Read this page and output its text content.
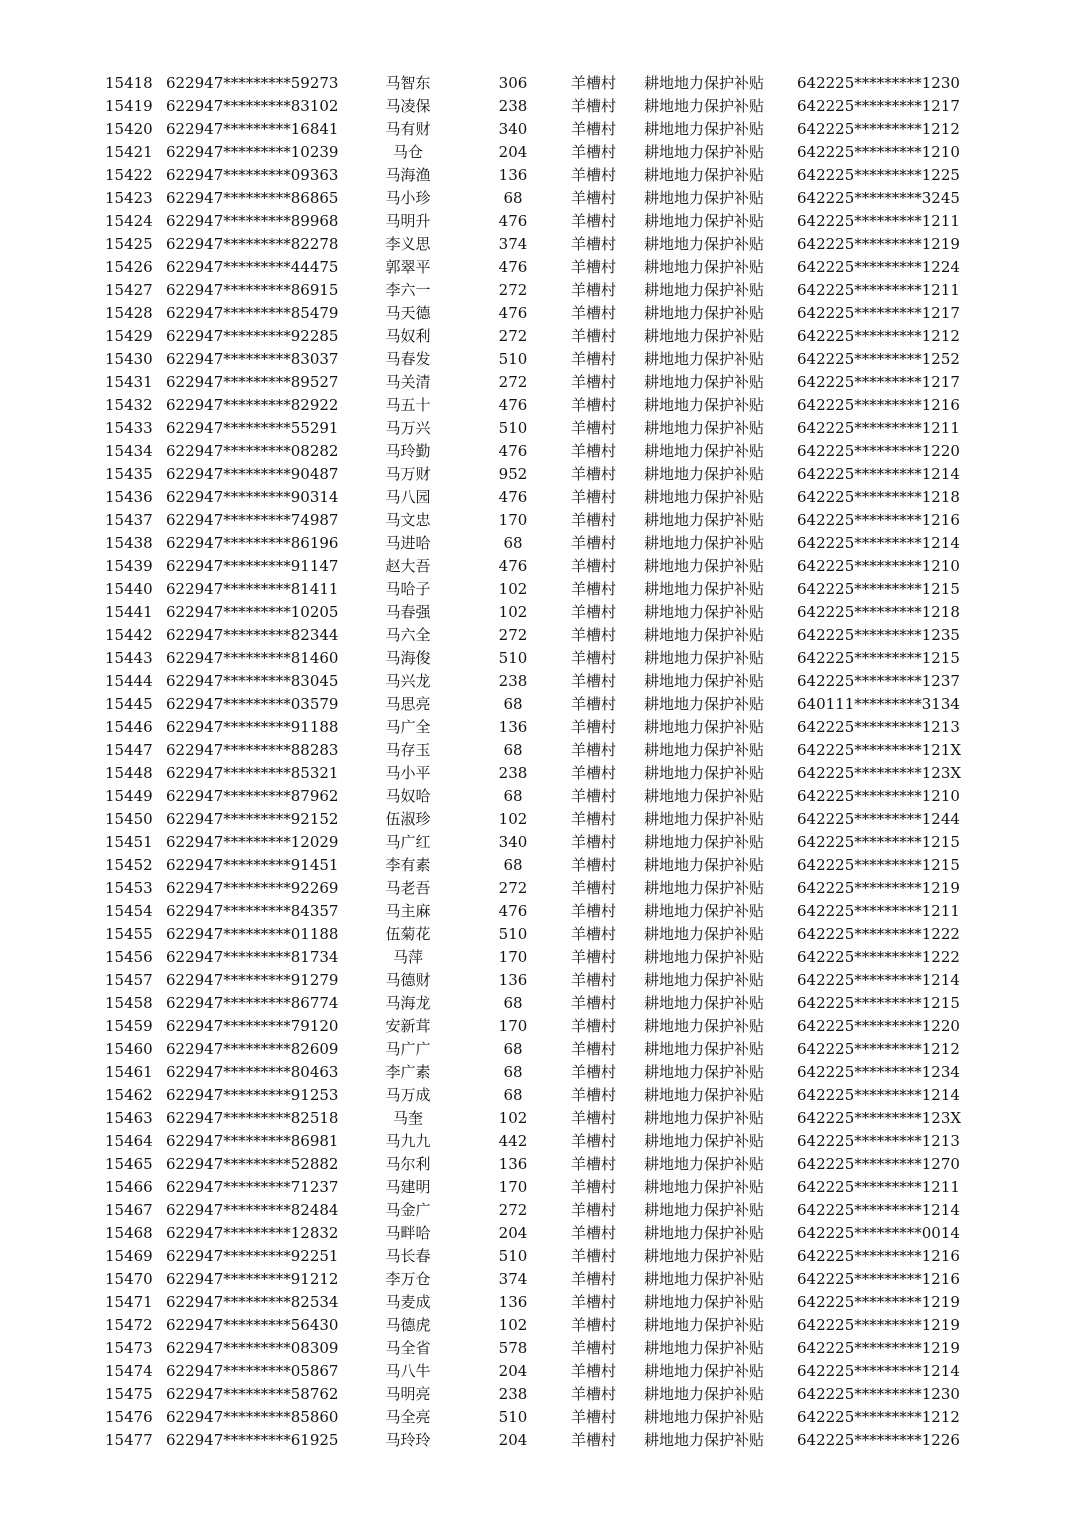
15418 622947*********59273	马智东	306	羊槽村 耕地地力保护补贴 642225*********1230
15419 622947*********83102	马凌保	238	羊槽村 耕地地力保护补贴 642225*********1217
15420 622947*********16841	马有财	340	羊槽村 耕地地力保护补贴 642225*********1212
15421 622947*********10239	马仓	204	羊槽村 耕地地力保护补贴 642225*********1210
15422 622947*********09363	马海渔	136	羊槽村 耕地地力保护补贴 642225*********1225
15423 622947*********86865	马小珍	68	羊槽村 耕地地力保护补贴 642225*********3245
15424 622947*********89968	马明升	476	羊槽村 耕地地力保护补贴 642225*********1211
15425 622947*********82278	李义思	374	羊槽村 耕地地力保护补贴 642225*********1219
15426 622947*********44475	郭翠平	476	羊槽村 耕地地力保护补贴 642225*********1224
15427 622947*********86915	李六一	272	羊槽村 耕地地力保护补贴 642225*********1211
15428 622947*********85479	马天德	476	羊槽村 耕地地力保护补贴 642225*********1217
15429 622947*********92285	马奴利	272	羊槽村 耕地地力保护补贴 642225*********1212
15430 622947*********83037	马春发	510	羊槽村 耕地地力保护补贴 642225*********1252
15431 622947*********89527	马关清	272	羊槽村 耕地地力保护补贴 642225*********1217
15432 622947*********82922	马五十	476	羊槽村 耕地地力保护补贴 642225*********1216
15433 622947*********55291	马万兴	510	羊槽村 耕地地力保护补贴 642225*********1211
15434 622947*********08282	马玲勤	476	羊槽村 耕地地力保护补贴 642225*********1220
15435 622947*********90487	马万财	952	羊槽村 耕地地力保护补贴 642225*********1214
15436 622947*********90314	马八园	476	羊槽村 耕地地力保护补贴 642225*********1218
15437 622947*********74987	马文忠	170	羊槽村 耕地地力保护补贴 642225*********1216
15438 622947*********86196	马进哈	68	羊槽村 耕地地力保护补贴 642225*********1214
15439 622947*********91147	赵大吾	476	羊槽村 耕地地力保护补贴 642225*********1210
15440 622947*********81411	马哈子	102	羊槽村 耕地地力保护补贴 642225*********1215
15441 622947*********10205	马春强	102	羊槽村 耕地地力保护补贴 642225*********1218
15442 622947*********82344	马六全	272	羊槽村 耕地地力保护补贴 642225*********1235
15443 622947*********81460	马海俊	510	羊槽村 耕地地力保护补贴 642225*********1215
15444 622947*********83045	马兴龙	238	羊槽村 耕地地力保护补贴 642225*********1237
15445 622947*********03579	马思亮	68	羊槽村 耕地地力保护补贴 640111*********3134
15446 622947*********91188	马广全	136	羊槽村 耕地地力保护补贴 642225*********1213
15447 622947*********88283	马存玉	68	羊槽村 耕地地力保护补贴 642225*********121X
15448 622947*********85321	马小平	238	羊槽村 耕地地力保护补贴 642225*********123X
15449 622947*********87962	马奴哈	68	羊槽村 耕地地力保护补贴 642225*********1210
15450 622947*********92152	伍淑珍	102	羊槽村 耕地地力保护补贴 642225*********1244
15451 622947*********12029	马广红	340	羊槽村 耕地地力保护补贴 642225*********1215
15452 622947*********91451	李有素	68	羊槽村 耕地地力保护补贴 642225*********1215
15453 622947*********92269	马老吾	272	羊槽村 耕地地力保护补贴 642225*********1219
15454 622947*********84357	马主麻	476	羊槽村 耕地地力保护补贴 642225*********1211
15455 622947*********01188	伍菊花	510	羊槽村 耕地地力保护补贴 642225*********1222
15456 622947*********81734	马萍	170	羊槽村 耕地地力保护补贴 642225*********1222
15457 622947*********91279	马德财	136	羊槽村 耕地地力保护补贴 642225*********1214
15458 622947*********86774	马海龙	68	羊槽村 耕地地力保护补贴 642225*********1215
15459 622947*********79120	安新茸	170	羊槽村 耕地地力保护补贴 642225*********1220
15460 622947*********82609	马广广	68	羊槽村 耕地地力保护补贴 642225*********1212
15461 622947*********80463	李广素	68	羊槽村 耕地地力保护补贴 642225*********1234
15462 622947*********91253	马万成	68	羊槽村 耕地地力保护补贴 642225*********1214
15463 622947*********82518	马奎	102	羊槽村 耕地地力保护补贴 642225*********123X
15464 622947*********86981	马九九	442	羊槽村 耕地地力保护补贴 642225*********1213
15465 622947*********52882	马尔利	136	羊槽村 耕地地力保护补贴 642225*********1270
15466 622947*********71237	马建明	170	羊槽村 耕地地力保护补贴 642225*********1211
15467 622947*********82484	马金广	272	羊槽村 耕地地力保护补贴 642225*********1214
15468 622947*********12832	马畔哈	204	羊槽村 耕地地力保护补贴 642225*********0014
15469 622947*********92251	马长春	510	羊槽村 耕地地力保护补贴 642225*********1216
15470 622947*********91212	李万仓	374	羊槽村 耕地地力保护补贴 642225*********1216
15471 622947*********82534	马麦成	136	羊槽村 耕地地力保护补贴 642225*********1219
15472 622947*********56430	马德虎	102	羊槽村 耕地地力保护补贴 642225*********1219
15473 622947*********08309	马全省	578	羊槽村 耕地地力保护补贴 642225*********1219
15474 622947*********05867	马八牛	204	羊槽村 耕地地力保护补贴 642225*********1214
15475 622947*********58762	马明亮	238	羊槽村 耕地地力保护补贴 642225*********1230
15476 622947*********85860	马全亮	510	羊槽村 耕地地力保护补贴 642225*********1212
15477 622947*********61925	马玲玲	204	羊槽村 耕地地力保护补贴 642225*********1226
